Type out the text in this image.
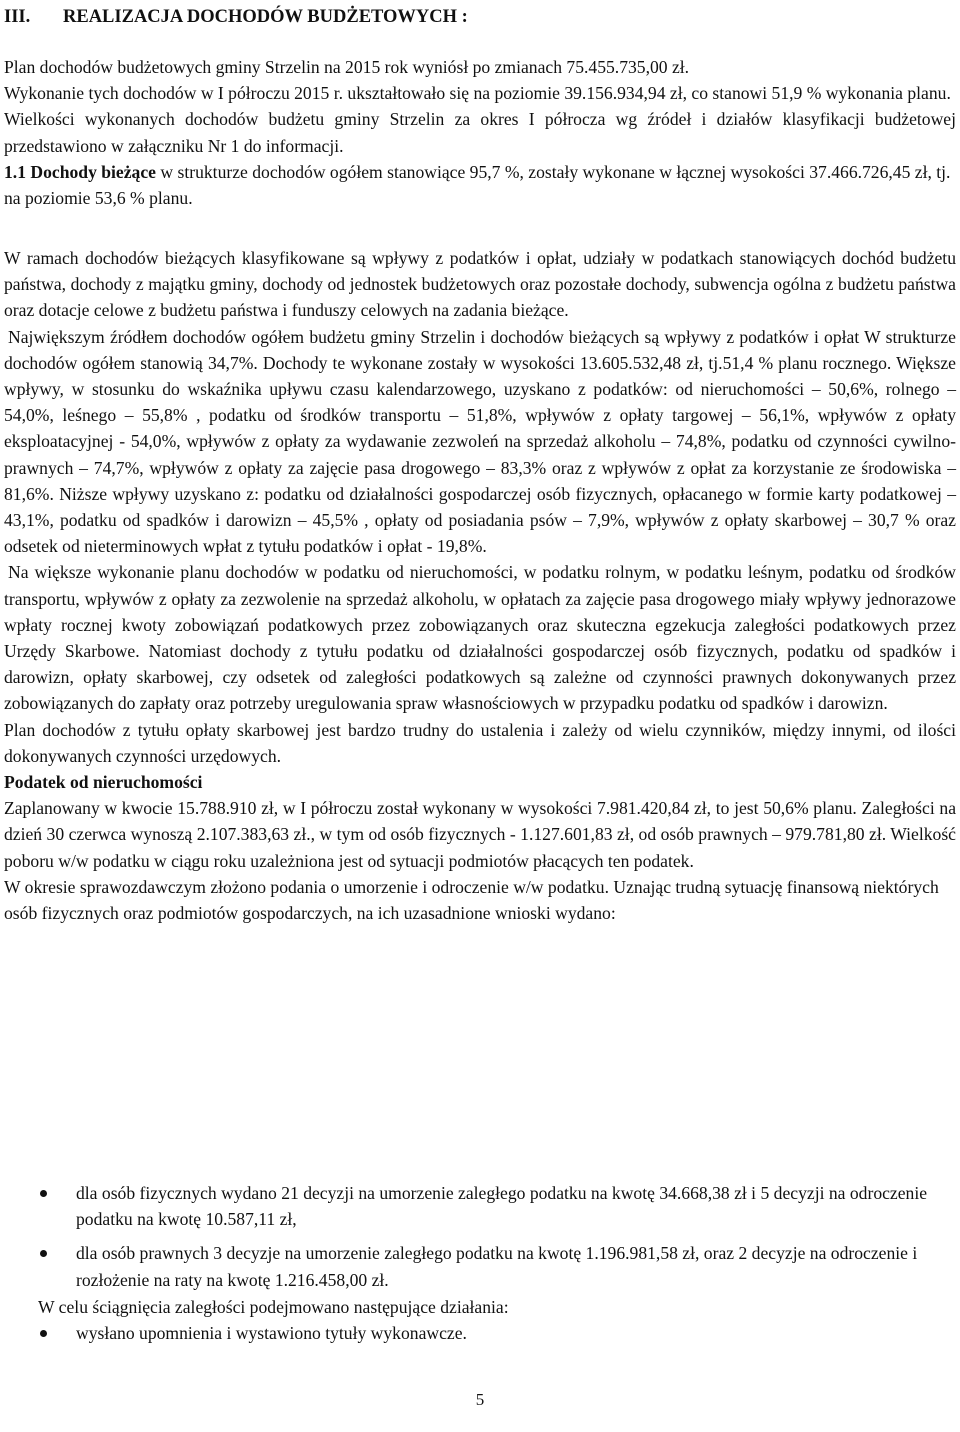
III. REALIZACJA DOCHODÓW BUDŻETOWYCH :

Plan dochodów budżetowych gminy Strzelin na 2015 rok wyniósł po zmianach 75.455.735,00 zł.

Wykonanie tych dochodów w I półroczu 2015 r. ukształtowało się na poziomie 39.156.934,94 zł, co stanowi 51,9 % wykonania planu.

Wielkości wykonanych dochodów budżetu gminy Strzelin za okres I półrocza wg źródeł i działów klasyfikacji budżetowej przedstawiono w załączniku Nr 1 do informacji.

1.1 Dochody bieżące w strukturze dochodów ogółem stanowiące 95,7 %, zostały wykonane w łącznej wysokości 37.466.726,45 zł, tj. na poziomie 53,6 % planu.

W ramach dochodów bieżących klasyfikowane są wpływy z podatków i opłat, udziały w podatkach stanowiących dochód budżetu państwa, dochody z majątku gminy, dochody od jednostek budżetowych oraz pozostałe dochody, subwencja ogólna z budżetu państwa oraz dotacje celowe z budżetu państwa i funduszy celowych na zadania bieżące.

Największym źródłem dochodów ogółem budżetu gminy Strzelin i dochodów bieżących są wpływy z podatków i opłat W strukturze dochodów ogółem stanowią 34,7%. Dochody te wykonane zostały w wysokości 13.605.532,48 zł, tj.51,4 % planu rocznego. Większe wpływy, w stosunku do wskaźnika upływu czasu kalendarzowego, uzyskano z podatków: od nieruchomości – 50,6%, rolnego – 54,0%, leśnego – 55,8% , podatku od środków transportu – 51,8%, wpływów z opłaty targowej – 56,1%, wpływów z opłaty eksploatacyjnej - 54,0%, wpływów z opłaty za wydawanie zezwoleń na sprzedaż alkoholu – 74,8%, podatku od czynności cywilno-prawnych – 74,7%, wpływów z opłaty za zajęcie pasa drogowego – 83,3% oraz z wpływów z opłat za korzystanie ze środowiska – 81,6%. Niższe wpływy uzyskano z: podatku od działalności gospodarczej osób fizycznych, opłacanego w formie karty podatkowej – 43,1%, podatku od spadków i darowizn – 45,5% , opłaty od posiadania psów – 7,9%, wpływów z opłaty skarbowej – 30,7 % oraz odsetek od nieterminowych wpłat z tytułu podatków i opłat - 19,8%.

Na większe wykonanie planu dochodów w podatku od nieruchomości, w podatku rolnym, w podatku leśnym, podatku od środków transportu, wpływów z opłaty za zezwolenie na sprzedaż alkoholu, w opłatach za zajęcie pasa drogowego miały wpływy jednorazowe wpłaty rocznej kwoty zobowiązań podatkowych przez zobowiązanych oraz skuteczna egzekucja zaległości podatkowych przez Urzędy Skarbowe. Natomiast dochody z tytułu podatku od działalności gospodarczej osób fizycznych, podatku od spadków i darowizn, opłaty skarbowej, czy odsetek od zaległości podatkowych są zależne od czynności prawnych dokonywanych przez zobowiązanych do zapłaty oraz potrzeby uregulowania spraw własnościowych w przypadku podatku od spadków i darowizn.

Plan dochodów z tytułu opłaty skarbowej jest bardzo trudny do ustalenia i zależy od wielu czynników, między innymi, od ilości dokonywanych czynności urzędowych.

Podatek od nieruchomości

Zaplanowany w kwocie 15.788.910 zł, w I półroczu został wykonany w wysokości 7.981.420,84 zł, to jest 50,6% planu. Zaległości na dzień 30 czerwca wynoszą 2.107.383,63 zł., w tym od osób fizycznych - 1.127.601,83 zł, od osób prawnych – 979.781,80 zł. Wielkość poboru w/w podatku w ciągu roku uzależniona jest od sytuacji podmiotów płacących ten podatek.

W okresie sprawozdawczym złożono podania o umorzenie i odroczenie w/w podatku. Uznając trudną sytuację finansową niektórych osób fizycznych oraz podmiotów gospodarczych, na ich uzasadnione wnioski wydano:

dla osób fizycznych wydano 21 decyzji na umorzenie zaległego podatku na kwotę 34.668,38 zł i 5 decyzji na odroczenie podatku na kwotę 10.587,11 zł,
dla osób prawnych 3 decyzje na umorzenie zaległego podatku na kwotę 1.196.981,58 zł, oraz 2 decyzje na odroczenie i rozłożenie na raty na kwotę 1.216.458,00 zł.

W celu ściągnięcia zaległości podejmowano następujące działania:

wysłano upomnienia i wystawiono tytuły wykonawcze.
5
